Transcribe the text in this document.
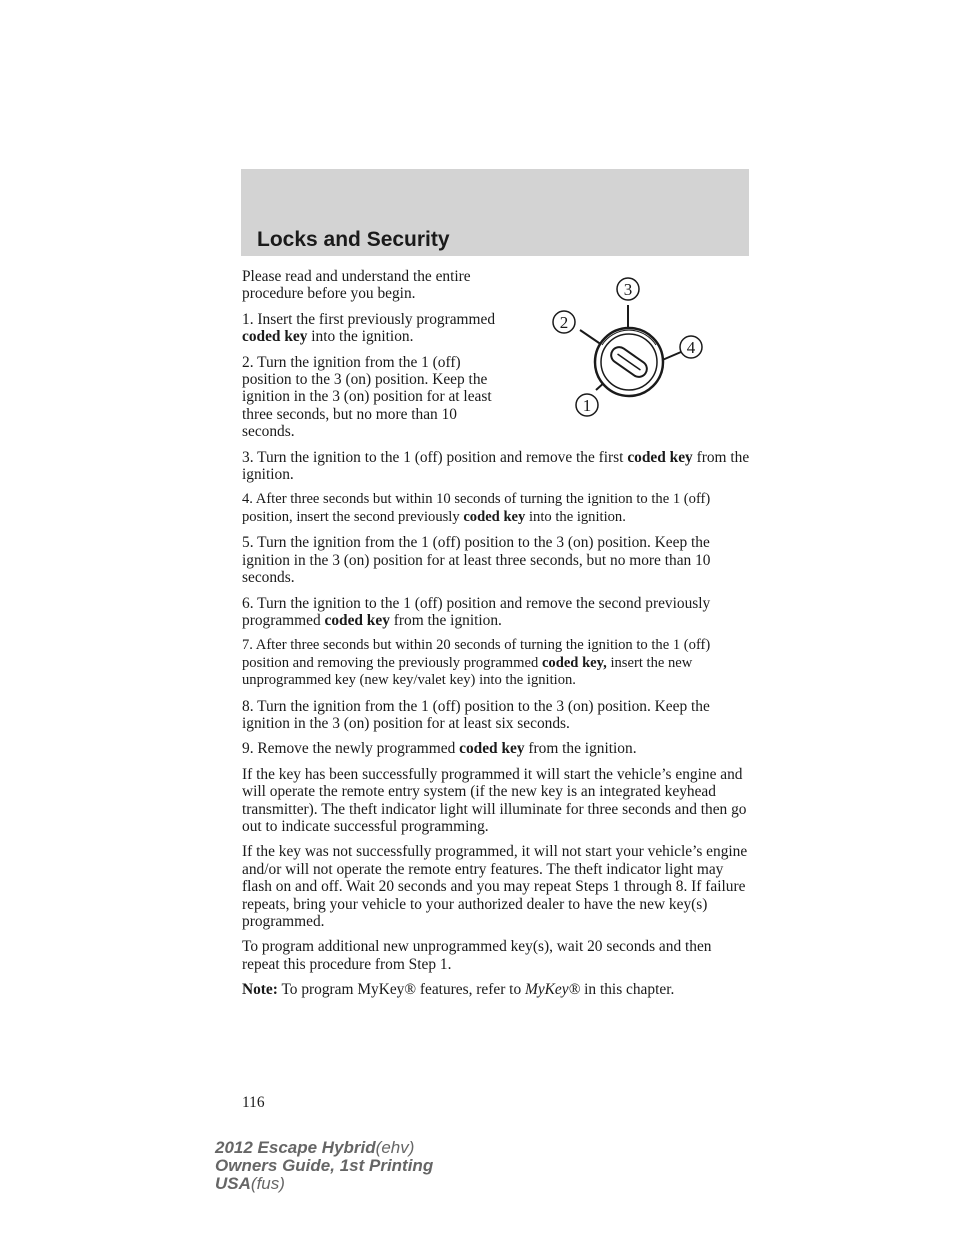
Locks and Security
3
2
4
1

Please read and understand the entire procedure before you begin.

1. Insert the first previously programmed coded key into the ignition.

2. Turn the ignition from the 1 (off) position to the 3 (on) position. Keep the ignition in the 3 (on) position for at least three seconds, but no more than 10 seconds.

3. Turn the ignition to the 1 (off) position and remove the first coded key from the ignition.

4. After three seconds but within 10 seconds of turning the ignition to the 1 (off) position, insert the second previously coded key into the ignition.

5. Turn the ignition from the 1 (off) position to the 3 (on) position. Keep the ignition in the 3 (on) position for at least three seconds, but no more than 10 seconds.

6. Turn the ignition to the 1 (off) position and remove the second previously programmed coded key from the ignition.

7. After three seconds but within 20 seconds of turning the ignition to the 1 (off) position and removing the previously programmed coded key, insert the new unprogrammed key (new key/valet key) into the ignition.

8. Turn the ignition from the 1 (off) position to the 3 (on) position. Keep the ignition in the 3 (on) position for at least six seconds.

9. Remove the newly programmed coded key from the ignition.

If the key has been successfully programmed it will start the vehicle’s engine and will operate the remote entry system (if the new key is an integrated keyhead transmitter). The theft indicator light will illuminate for three seconds and then go out to indicate successful programming.

If the key was not successfully programmed, it will not start your vehicle’s engine and/or will not operate the remote entry features. The theft indicator light may flash on and off. Wait 20 seconds and you may repeat Steps 1 through 8. If failure repeats, bring your vehicle to your authorized dealer to have the new key(s) programmed.

To program additional new unprogrammed key(s), wait 20 seconds and then repeat this procedure from Step 1.

Note: To program MyKey® features, refer to MyKey® in this chapter.

116
2012 Escape Hybrid(ehv)
Owners Guide, 1st Printing
USA(fus)
